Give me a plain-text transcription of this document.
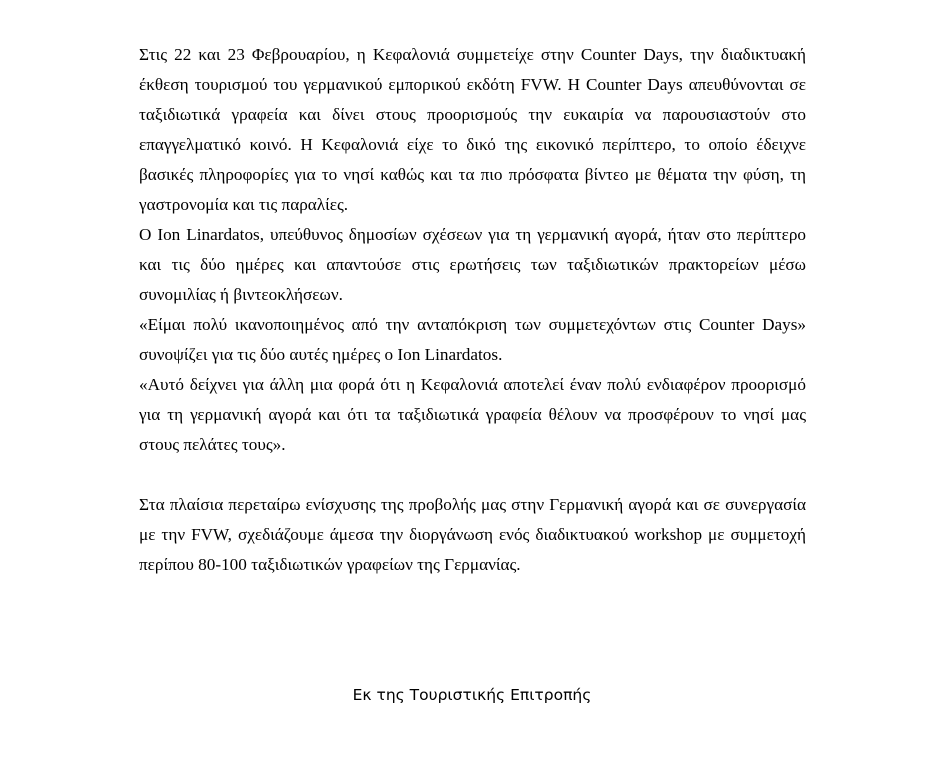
Στις 22 και 23 Φεβρουαρίου, η Κεφαλονιά συμμετείχε στην Counter Days, την διαδικτυακή έκθεση τουρισμού του γερμανικού εμπορικού εκδότη FVW. Η Counter Days απευθύνονται σε ταξιδιωτικά γραφεία και δίνει στους προορισμούς την ευκαιρία να παρουσιαστούν στο επαγγελματικό κοινό. Η Κεφαλονιά είχε το δικό της εικονικό περίπτερο, το οποίο έδειχνε βασικές πληροφορίες για το νησί καθώς και τα πιο πρόσφατα βίντεο με θέματα την φύση, τη γαστρονομία και τις παραλίες.

Ο Ion Linardatos, υπεύθυνος δημοσίων σχέσεων για τη γερμανική αγορά, ήταν στο περίπτερο και τις δύο ημέρες και απαντούσε στις ερωτήσεις των ταξιδιωτικών πρακτορείων μέσω συνομιλίας ή βιντεοκλήσεων.

«Είμαι πολύ ικανοποιημένος από την ανταπόκριση των συμμετεχόντων στις Counter Days» συνοψίζει για τις δύο αυτές ημέρες ο Ion Linardatos.

«Αυτό δείχνει για άλλη μια φορά ότι η Κεφαλονιά αποτελεί έναν πολύ ενδιαφέρον προορισμό για τη γερμανική αγορά και ότι τα ταξιδιωτικά γραφεία θέλουν να προσφέρουν το νησί μας στους πελάτες τους».

Στα πλαίσια περεταίρω ενίσχυσης της προβολής μας στην Γερμανική αγορά και σε συνεργασία με την FVW, σχεδιάζουμε άμεσα την διοργάνωση ενός διαδικτυακού workshop με συμμετοχή περίπου 80-100 ταξιδιωτικών γραφείων της Γερμανίας.

Εκ της Τουριστικής Επιτροπής
